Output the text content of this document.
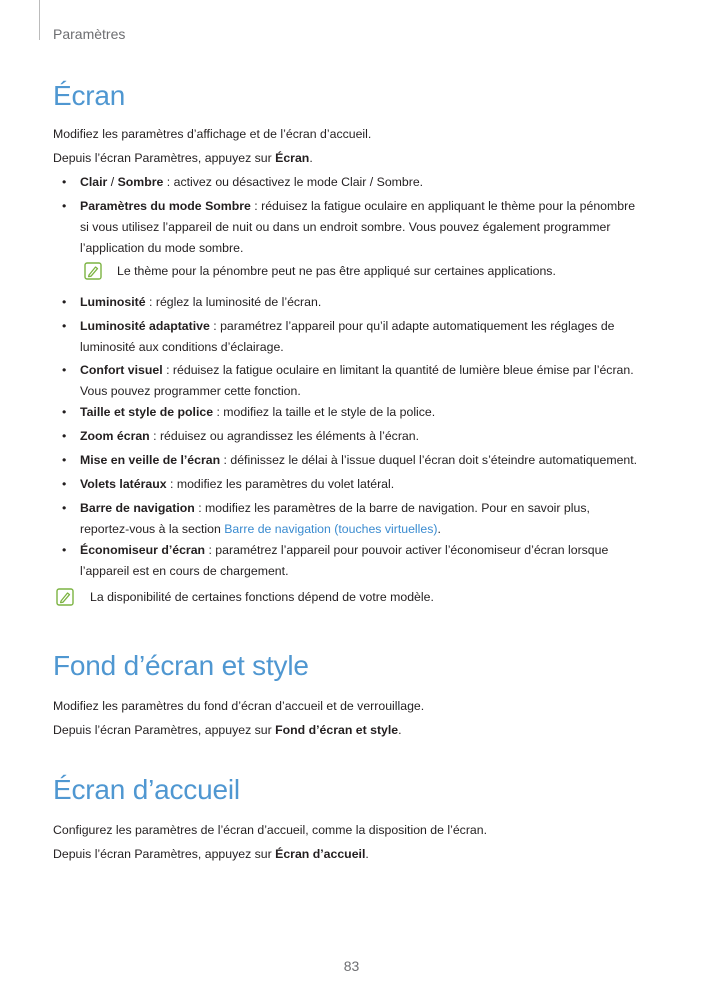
Paramètres
Écran

Modifiez les paramètres d’affichage et de l’écran d’accueil.

Depuis l’écran Paramètres, appuyez sur Écran.

•	Clair / Sombre : activez ou désactivez le mode Clair / Sombre.
•	Paramètres du mode Sombre : réduisez la fatigue oculaire en appliquant le thème pour la pénombre si vous utilisez l’appareil de nuit ou dans un endroit sombre. Vous pouvez également programmer l’application du mode sombre.
Le thème pour la pénombre peut ne pas être appliqué sur certaines applications.
•	Luminosité : réglez la luminosité de l’écran.
•	Luminosité adaptative : paramétrez l’appareil pour qu’il adapte automatiquement les réglages de luminosité aux conditions d’éclairage.
•	Confort visuel : réduisez la fatigue oculaire en limitant la quantité de lumière bleue émise par l’écran. Vous pouvez programmer cette fonction.
•	Taille et style de police : modifiez la taille et le style de la police.
•	Zoom écran : réduisez ou agrandissez les éléments à l’écran.
•	Mise en veille de l’écran : définissez le délai à l’issue duquel l’écran doit s’éteindre automatiquement.
•	Volets latéraux : modifiez les paramètres du volet latéral.
•	Barre de navigation : modifiez les paramètres de la barre de navigation. Pour en savoir plus, reportez-vous à la section Barre de navigation (touches virtuelles).
•	Économiseur d’écran : paramétrez l’appareil pour pouvoir activer l’économiseur d’écran lorsque l’appareil est en cours de chargement.
La disponibilité de certaines fonctions dépend de votre modèle.
Fond d’écran et style

Modifiez les paramètres du fond d’écran d’accueil et de verrouillage.

Depuis l’écran Paramètres, appuyez sur Fond d’écran et style.

Écran d’accueil

Configurez les paramètres de l’écran d’accueil, comme la disposition de l’écran.

Depuis l’écran Paramètres, appuyez sur Écran d’accueil.

83
